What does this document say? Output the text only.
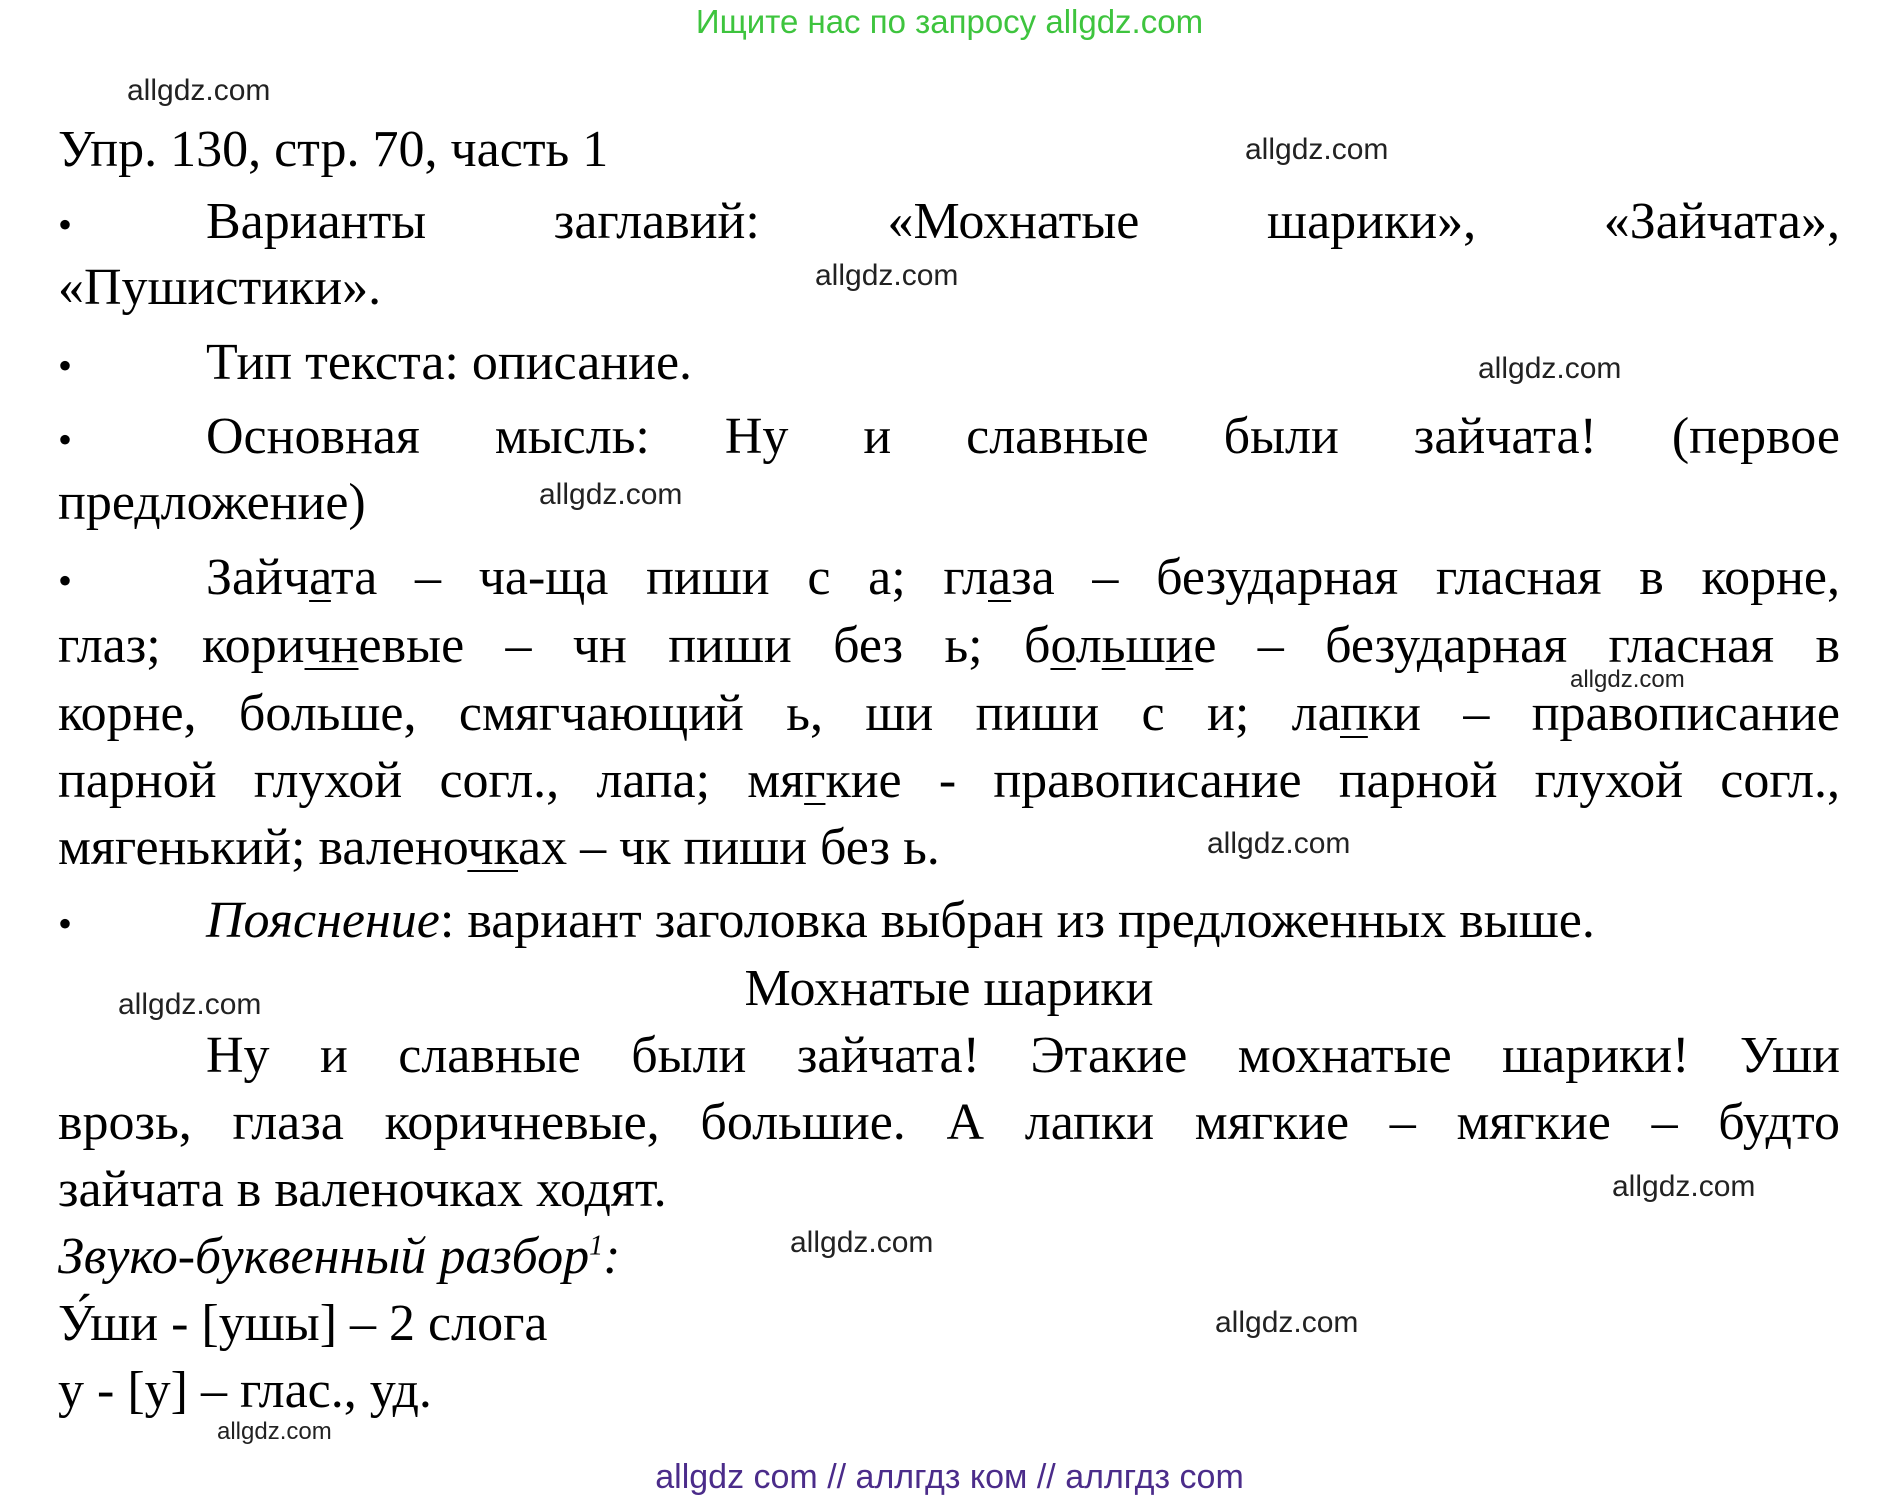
Ищите нас по запросу allgdz.com
Упр. 130, стр. 70, часть 1
•	Варианты заглавий: «Мохнатые шарики», «Зайчата»,
«Пушистики».
•	Тип текста: описание.
•	Основная мысль: Ну и славные были зайчата! (первое
предложение)
•	Зайчата – ча-ща пиши с а; глаза – безударная гласная в корне,
глаз; коричневые – чн пиши без ь; большие – безударная гласная в
корне, больше, смягчающий ь, ши пиши с и; лапки – правописание
парной глухой согл., лапа; мягкие - правописание парной глухой согл.,
мягенький; валеночках – чк пиши без ь.
•	Пояснение: вариант заголовка выбран из предложенных выше.
Мохнатые шарики
Ну и славные были зайчата! Этакие мохнатые шарики! Уши
врозь, глаза коричневые, большие. А лапки мягкие – мягкие – будто
зайчата в валеночках ходят.
Звуко-буквенный разбор$^1$:
У́ши - [ушы] – 2 слога
у - [у] – глас., уд.
allgdz.com
allgdz.com
allgdz.com
allgdz.com
allgdz.com
allgdz.com
allgdz.com
allgdz.com
allgdz.com
allgdz.com
allgdz.com
allgdz.com
allgdz com // аллгдз ком // аллгдз com
